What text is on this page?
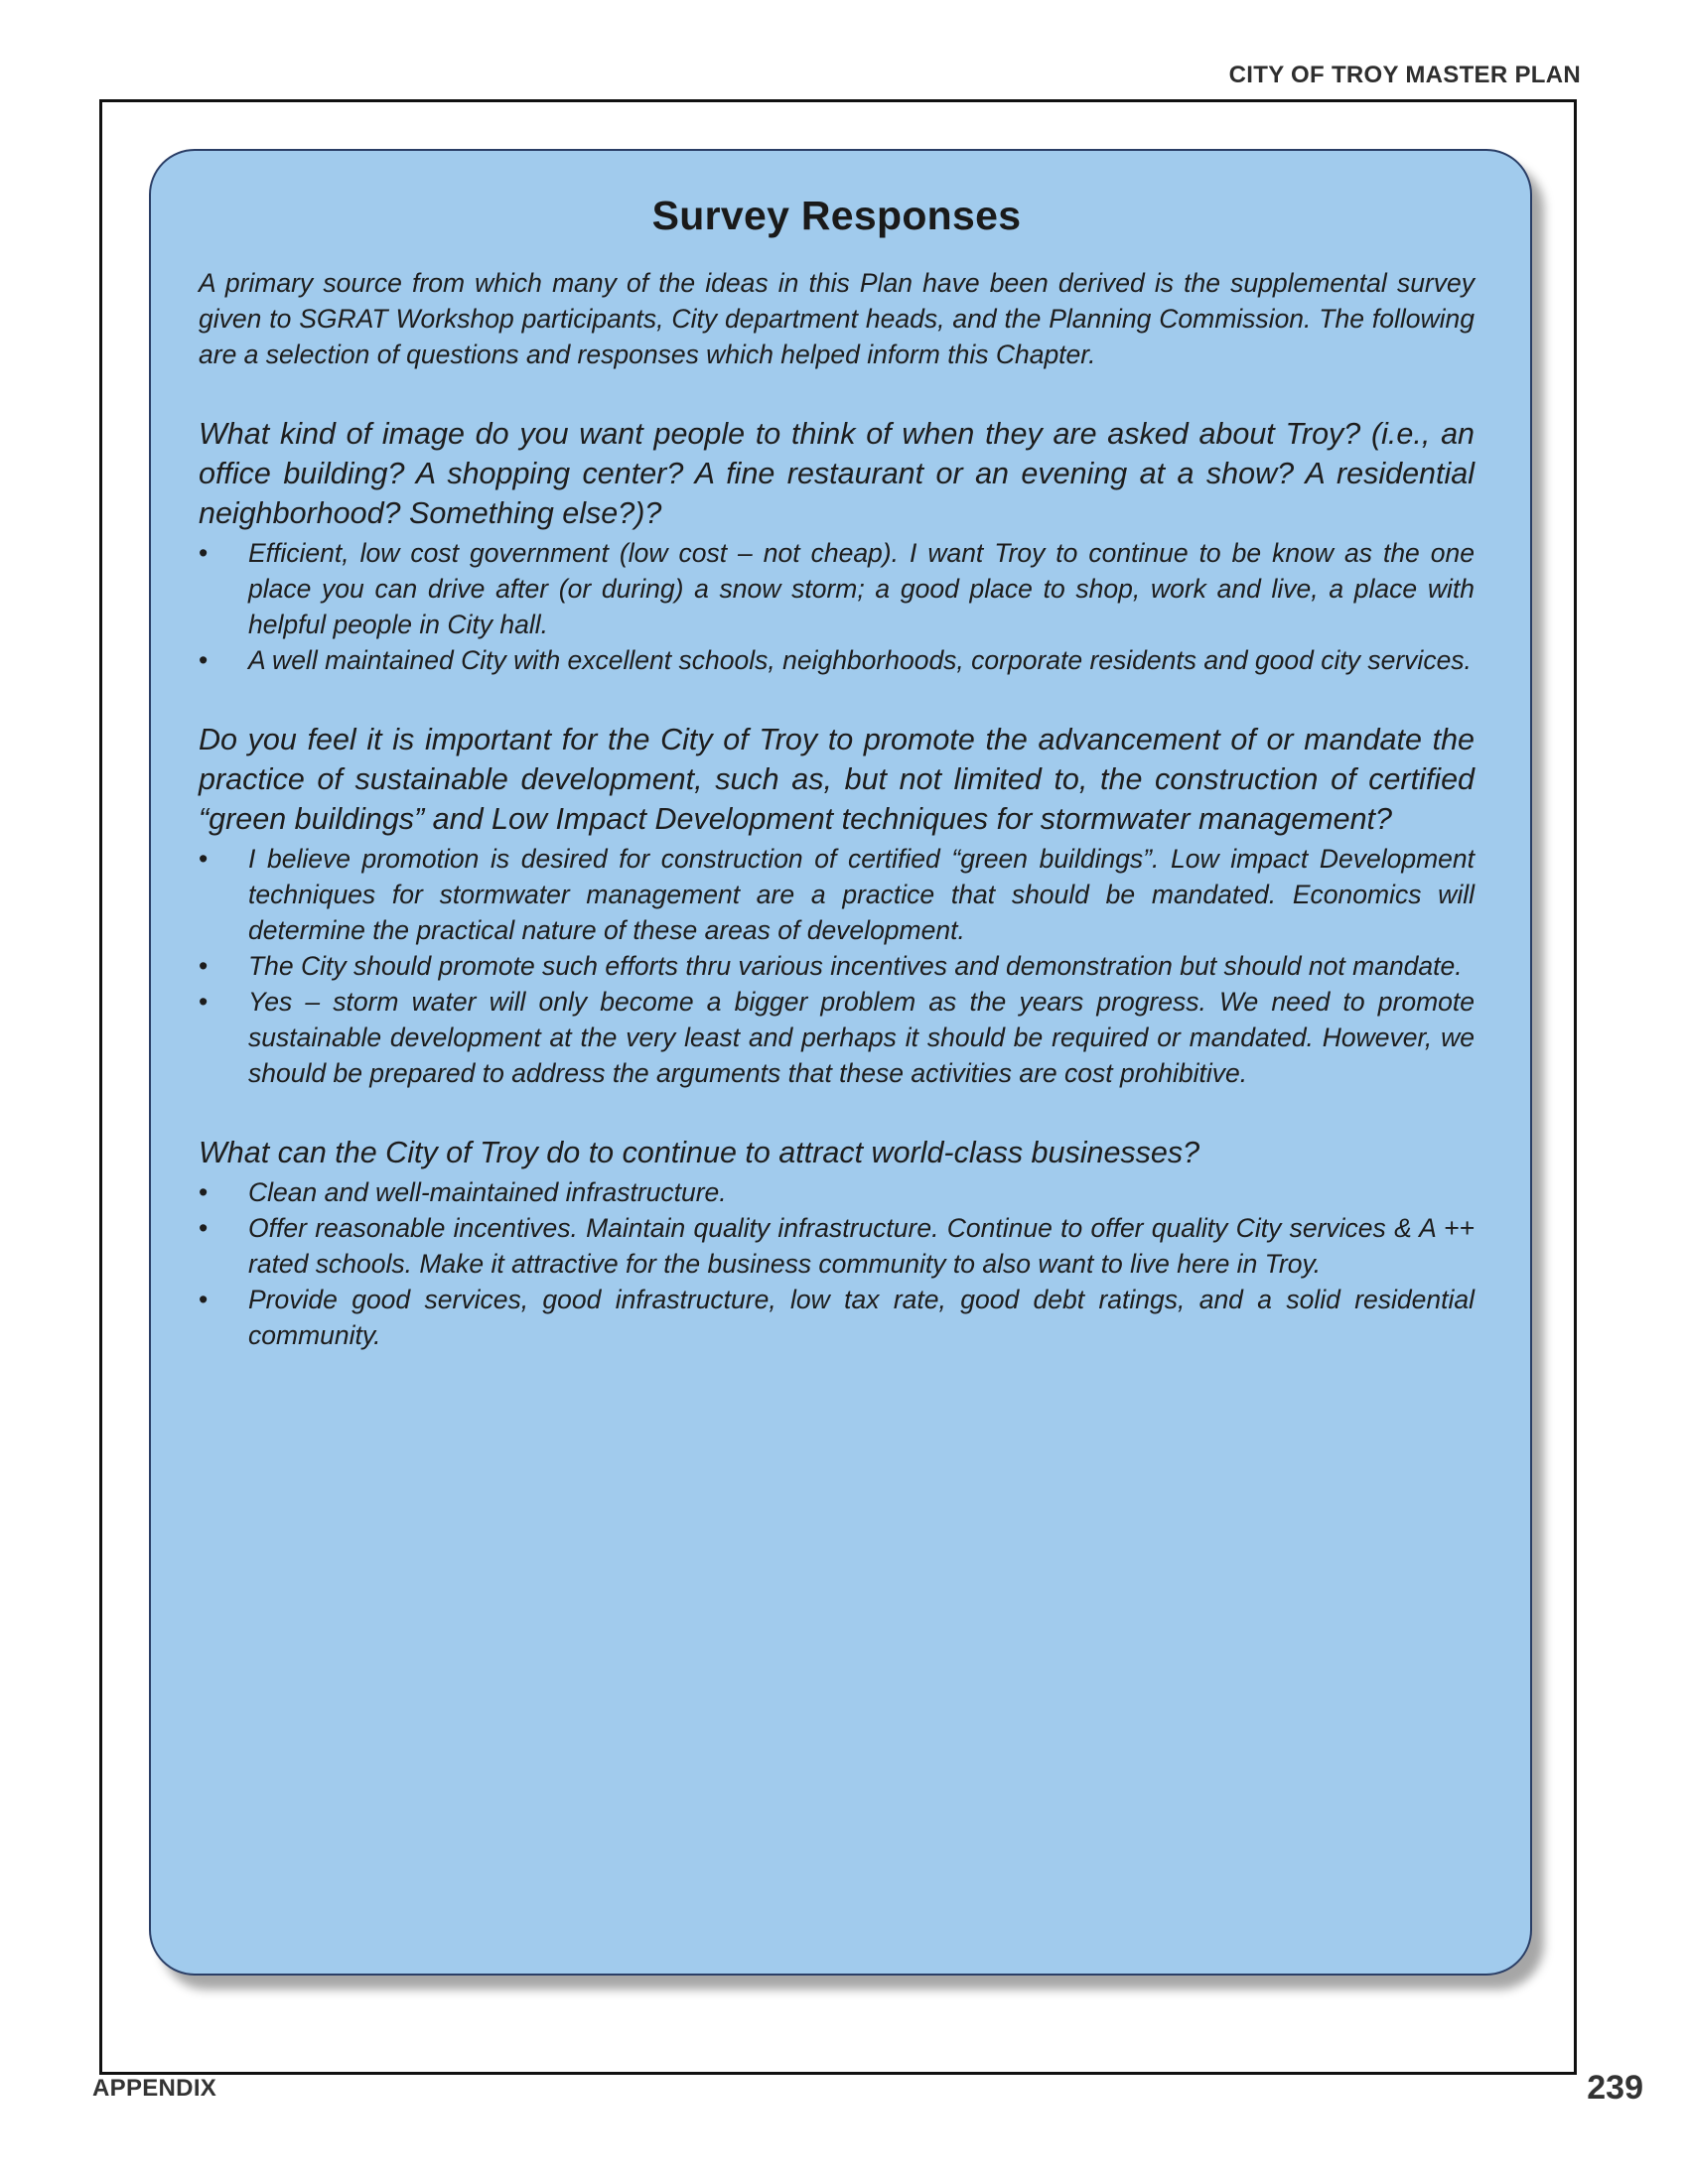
CITY OF TROY MASTER PLAN
Survey Responses

A primary source from which many of the ideas in this Plan have been derived is the supplemental survey given to SGRAT Workshop participants, City department heads, and the Planning Commission. The following are a selection of questions and responses which helped inform this Chapter.

What kind of image do you want people to think of when they are asked about Troy? (i.e., an office building? A shopping center? A fine restaurant or an evening at a show? A residential neighborhood? Something else?)?

•	Efficient, low cost government (low cost – not cheap). I want Troy to continue to be know as the one place you can drive after (or during) a snow storm; a good place to shop, work and live, a place with helpful people in City hall.
•	A well maintained City with excellent schools, neighborhoods, corporate residents and good city services.

Do you feel it is important for the City of Troy to promote the advancement of or mandate the practice of sustainable development, such as, but not limited to, the construction of certified “green buildings” and Low Impact Development techniques for stormwater management?

•	I believe promotion is desired for construction of certified “green buildings”. Low impact Development techniques for stormwater management are a practice that should be mandated. Economics will determine the practical nature of these areas of development.
•	The City should promote such efforts thru various incentives and demonstration but should not mandate.
•	Yes – storm water will only become a bigger problem as the years progress. We need to promote sustainable development at the very least and perhaps it should be required or mandated. However, we should be prepared to address the arguments that these activities are cost prohibitive.

What can the City of Troy do to continue to attract world-class businesses?

•	Clean and well-maintained infrastructure.
•	Offer reasonable incentives. Maintain quality infrastructure. Continue to offer quality City services & A ++ rated schools. Make it attractive for the business community to also want to live here in Troy.
•	Provide good services, good infrastructure, low tax rate, good debt ratings, and a solid residential community.
APPENDIX	239
